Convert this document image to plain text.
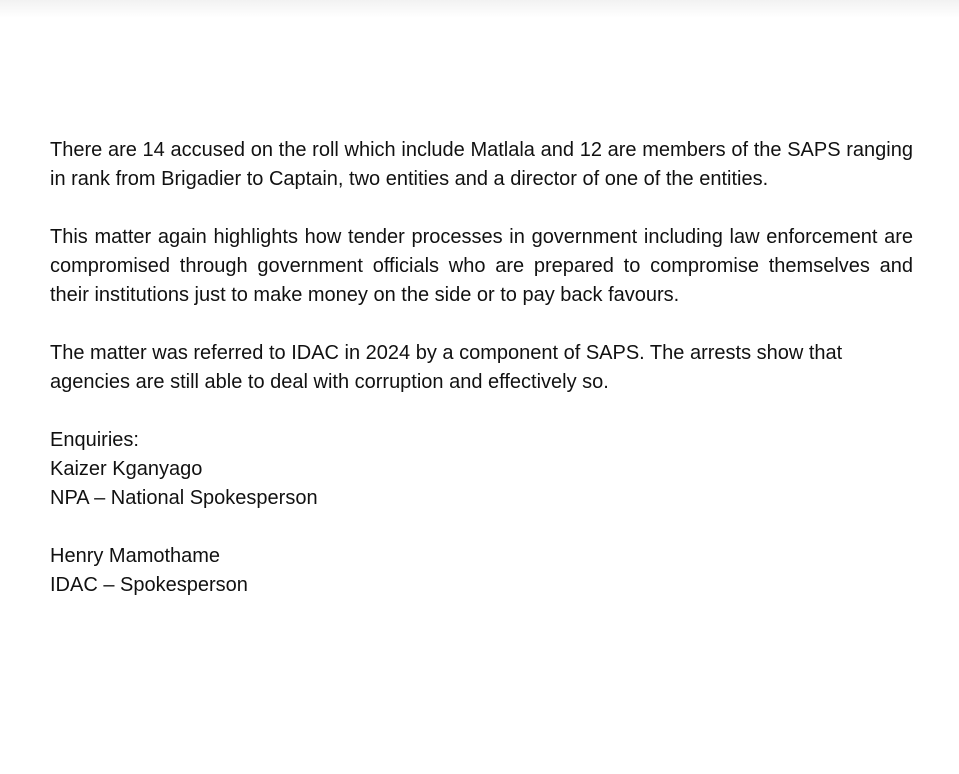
There are 14 accused on the roll which include Matlala and 12 are members of the SAPS ranging in rank from Brigadier to Captain, two entities and a director of one of the entities.

This matter again highlights how tender processes in government including law enforcement are compromised through government officials who are prepared to compromise themselves and their institutions just to make money on the side or to pay back favours.

The matter was referred to IDAC in 2024 by a component of SAPS. The arrests show that agencies are still able to deal with corruption and effectively so.

Enquiries:
Kaizer Kganyago
NPA – National Spokesperson
Henry Mamothame
IDAC – Spokesperson
